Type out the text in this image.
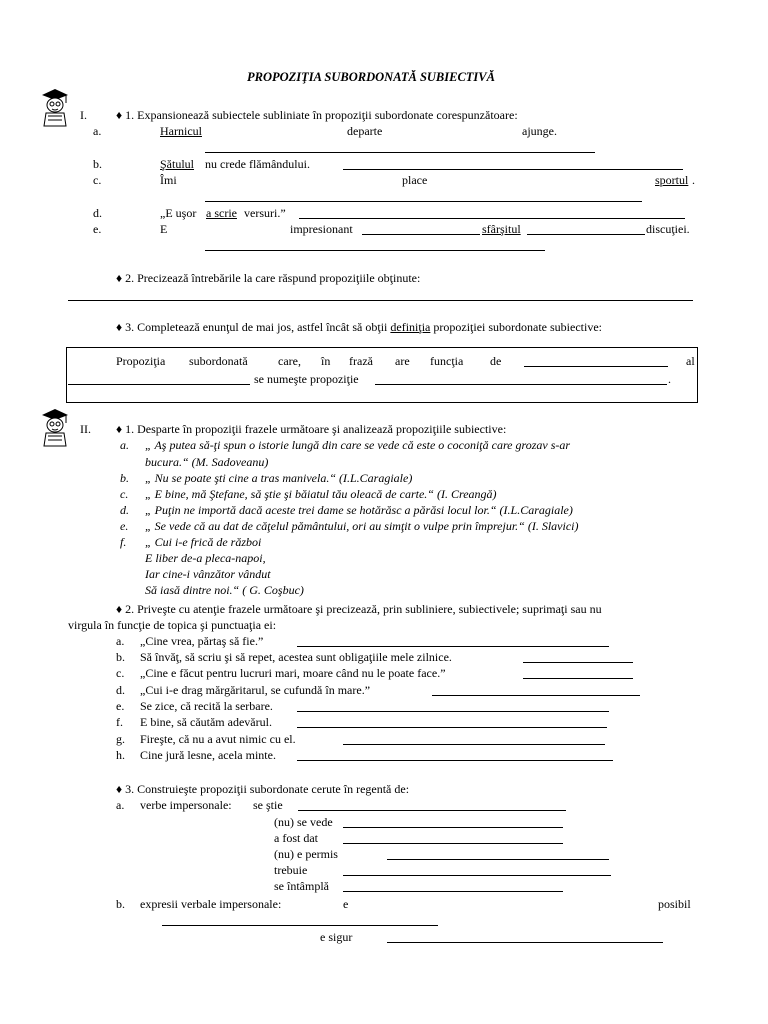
PROPOZIŢIA SUBORDONATĂ SUBIECTIVĂ
I. ♦ 1. Expansionează subiectele subliniate în propoziţii subordonate corespunzătoare:
a.	Harnicul	departe	ajunge.
b.	Şătulul nu crede flămândului.
c.	Îmi	place	sportul .
d.	„E uşor a scrie versuri.”
e.	E	impresionant	sfârşitul	discuţiei.
♦ 2. Precizează întrebările la care răspund propoziţiile obţinute:
♦ 3. Completează enunţul de mai jos, astfel încât să obţii definiţia propoziţiei subordonate subiective:
Propoziţia subordonată	care, în frază are funcţia de	al
se numeşte propoziţie	.
II. ♦ 1. Desparte în propoziţii frazele următoare şi analizează propoziţiile subiective:
a. „ Aş putea să-ţi spun o istorie lungă din care se vede că este o coconiţă care grozav s-ar
bucura.“ (M. Sadoveanu)
b. „ Nu se poate şti cine a tras manivela.“ (I.L.Caragiale)
c. „ E bine, mă Ştefane, să ştie şi băiatul tău oleacă de carte.“ (I. Creangă)
d. „ Puţin ne importă dacă aceste trei dame se hotărăsc a părăsi locul lor.“ (I.L.Caragiale)
e. „ Se vede că au dat de căţelul pământului, ori au simţit o vulpe prin împrejur.“ (I. Slavici)
f. „ Cui i-e frică de război
E liber de-a pleca-napoi,
Iar cine-i vânzător vândut
Să iasă dintre noi.“ ( G. Coşbuc)
♦ 2. Priveşte cu atenţie frazele următoare şi precizează, prin subliniere, subiectivele; suprimaţi sau nu
virgula în funcţie de topica şi punctuaţia ei:
a. „Cine vrea, părtaş să fie.”
b. Să învăţ, să scriu şi să repet, acestea sunt obligaţiile mele zilnice.
c. „Cine e făcut pentru lucruri mari, moare când nu le poate face.”
d. „Cui i-e drag mărgăritarul, se cufundă în mare.”
e. Se zice, că recită la serbare.
f. E bine, să căutăm adevărul.
g. Fireşte, că nu a avut nimic cu el.
h. Cine jură lesne, acela minte.
♦ 3. Construieşte propoziţii subordonate cerute în regentă de:
a. verbe impersonale: se ştie
(nu) se vede
a fost dat
(nu) e permis
trebuie
se întâmplă
b. expresii verbale impersonale:	e	posibil
e sigur
